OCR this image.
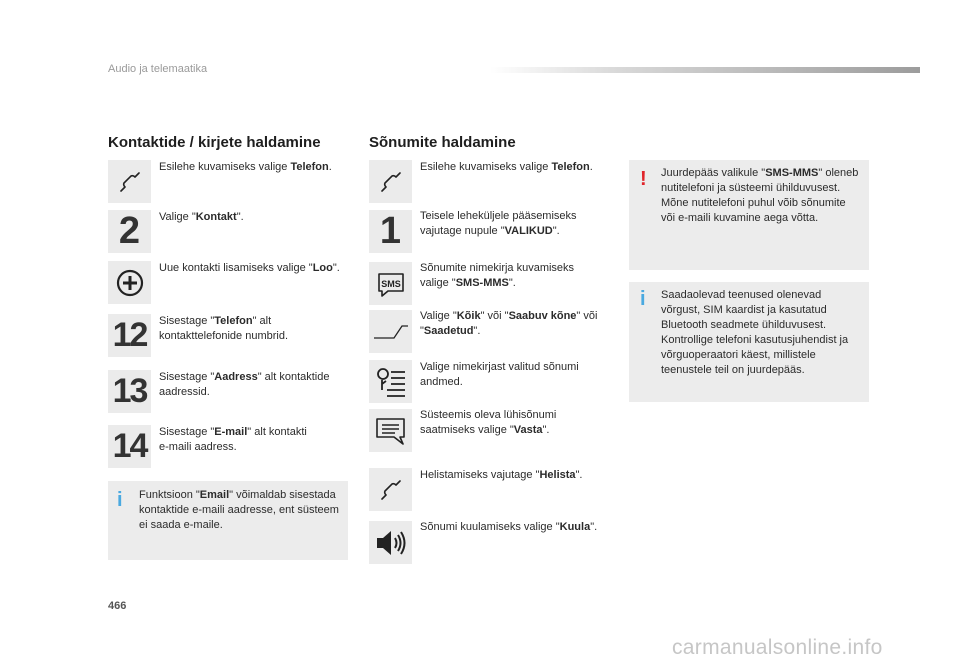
Audio ja telemaatika
Kontaktide / kirjete haldamine
Esilehe kuvamiseks valige Telefon.
2 Valige "Kontakt".
Uue kontakti lisamiseks valige "Loo".
12 Sisestage "Telefon" alt kontakttelefonide numbrid.
13 Sisestage "Aadress" alt kontaktide aadressid.
14 Sisestage "E-mail" alt kontakti e-maili aadress.
i Funktsioon "Email" võimaldab sisestada kontaktide e-maili aadresse, ent süsteem ei saada e-maile.
Sõnumite haldamine
Esilehe kuvamiseks valige Telefon.
1 Teisele leheküljele pääsemiseks vajutage nupule "VALIKUD".
SMS
Sõnumite nimekirja kuvamiseks valige "SMS-MMS".
Valige "Kõik" või "Saabuv kõne" või "Saadetud".
Valige nimekirjast valitud sõnumi andmed.
Süsteemis oleva lühisõnumi saatmiseks valige "Vasta".
Helistamiseks vajutage "Helista".
Sõnumi kuulamiseks valige "Kuula".
! Juurdepääs valikule "SMS-MMS" oleneb nutitelefoni ja süsteemi ühilduvusest.
Mõne nutitelefoni puhul võib sõnumite või e-maili kuvamine aega võtta.
i Saadaolevad teenused olenevad võrgust, SIM kaardist ja kasutatud Bluetooth seadmete ühilduvusest. Kontrollige telefoni kasutusjuhendist ja võrguoperaatori käest, millistele teenustele teil on juurdepääs.
466
carmanualsonline.info
